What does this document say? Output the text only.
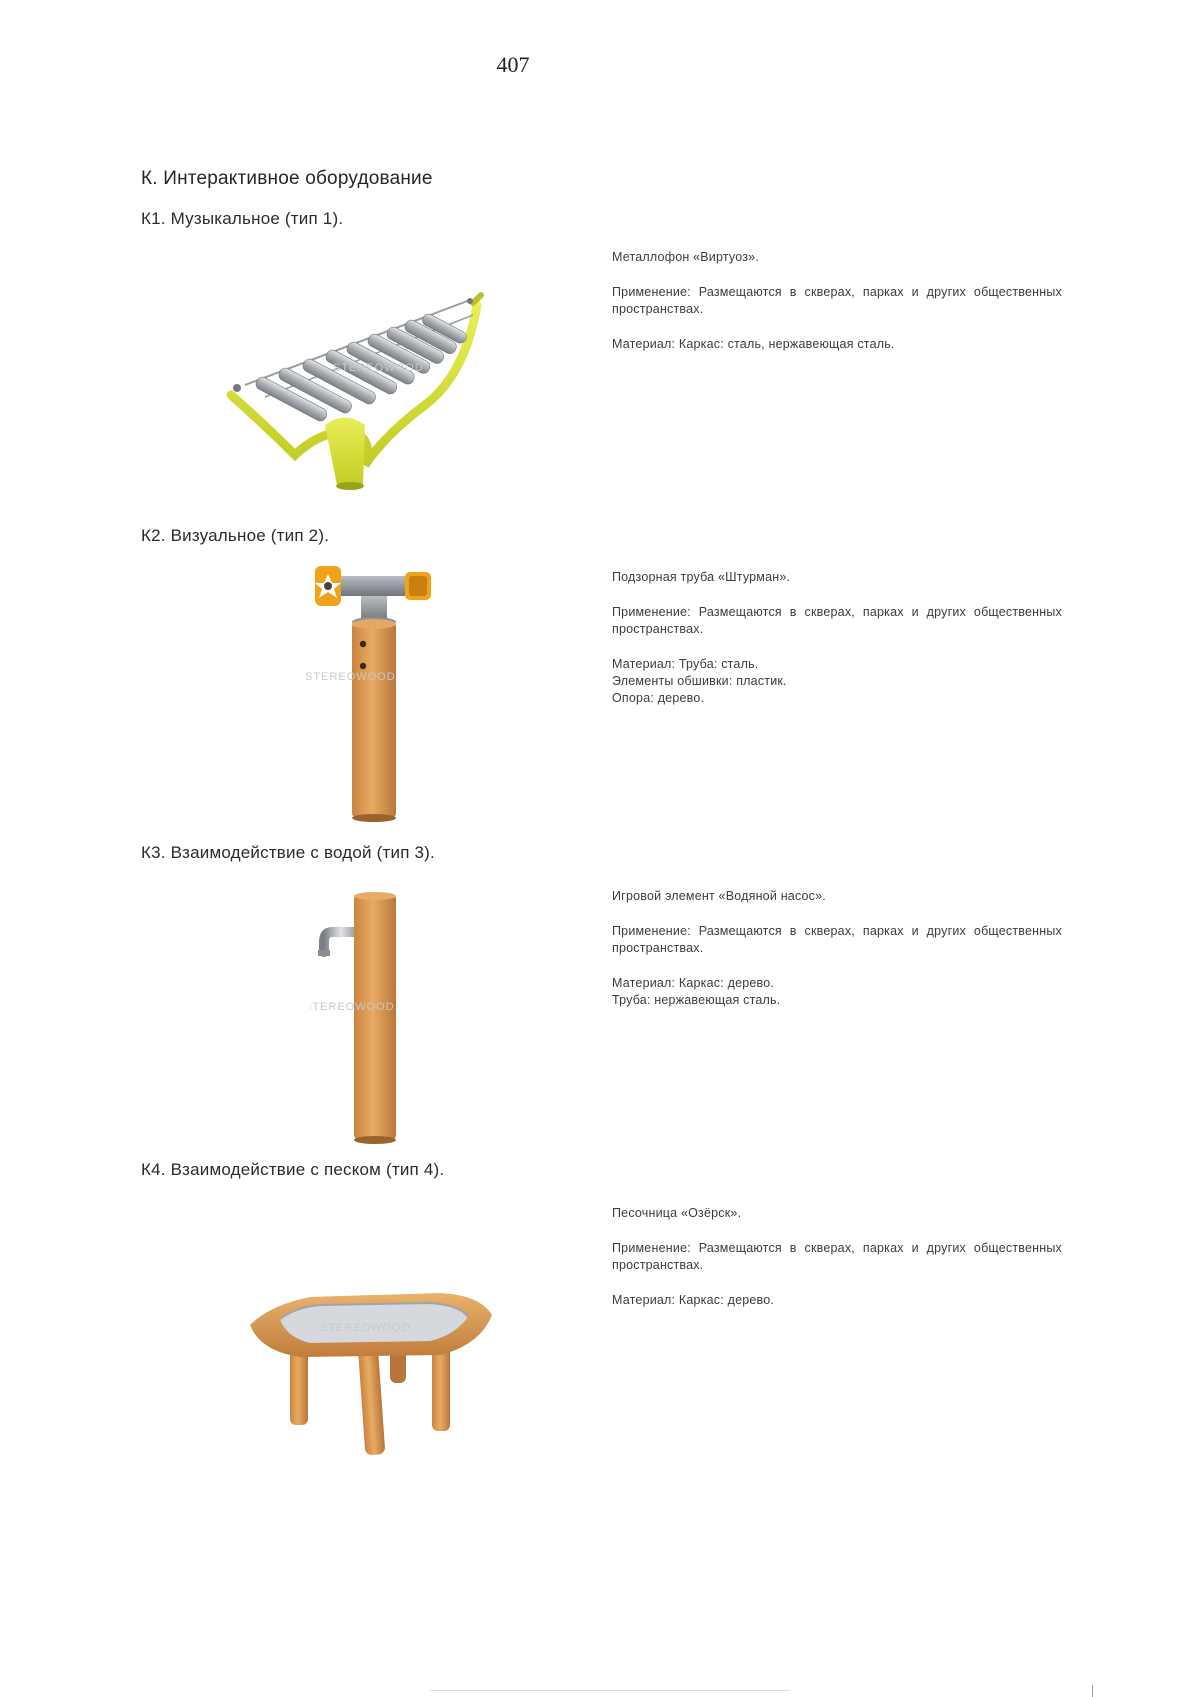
407
К. Интерактивное оборудование
К1. Музыкальное (тип 1).
STEREOWOOD

Металлофон «Виртуоз».

Применение: Размещаются в скверах, парках и других общественных пространствах.

Материал: Каркас: сталь, нержавеющая сталь.

К2. Визуальное (тип 2).
STEREOWOOD

Подзорная труба «Штурман».

Применение: Размещаются в скверах, парках и других общественных пространствах.

Материал: Труба: сталь.
Элементы обшивки: пластик.
Опора: дерево.

К3. Взаимодействие с водой (тип 3).
STEREOWOOD

Игровой элемент «Водяной насос».

Применение: Размещаются в скверах, парках и других общественных пространствах.

Материал: Каркас: дерево.
Труба: нержавеющая сталь.

К4. Взаимодействие с песком (тип 4).
STEREOWOOD

Песочница «Озёрск».

Применение: Размещаются в скверах, парках и других общественных пространствах.

Материал: Каркас: дерево.
